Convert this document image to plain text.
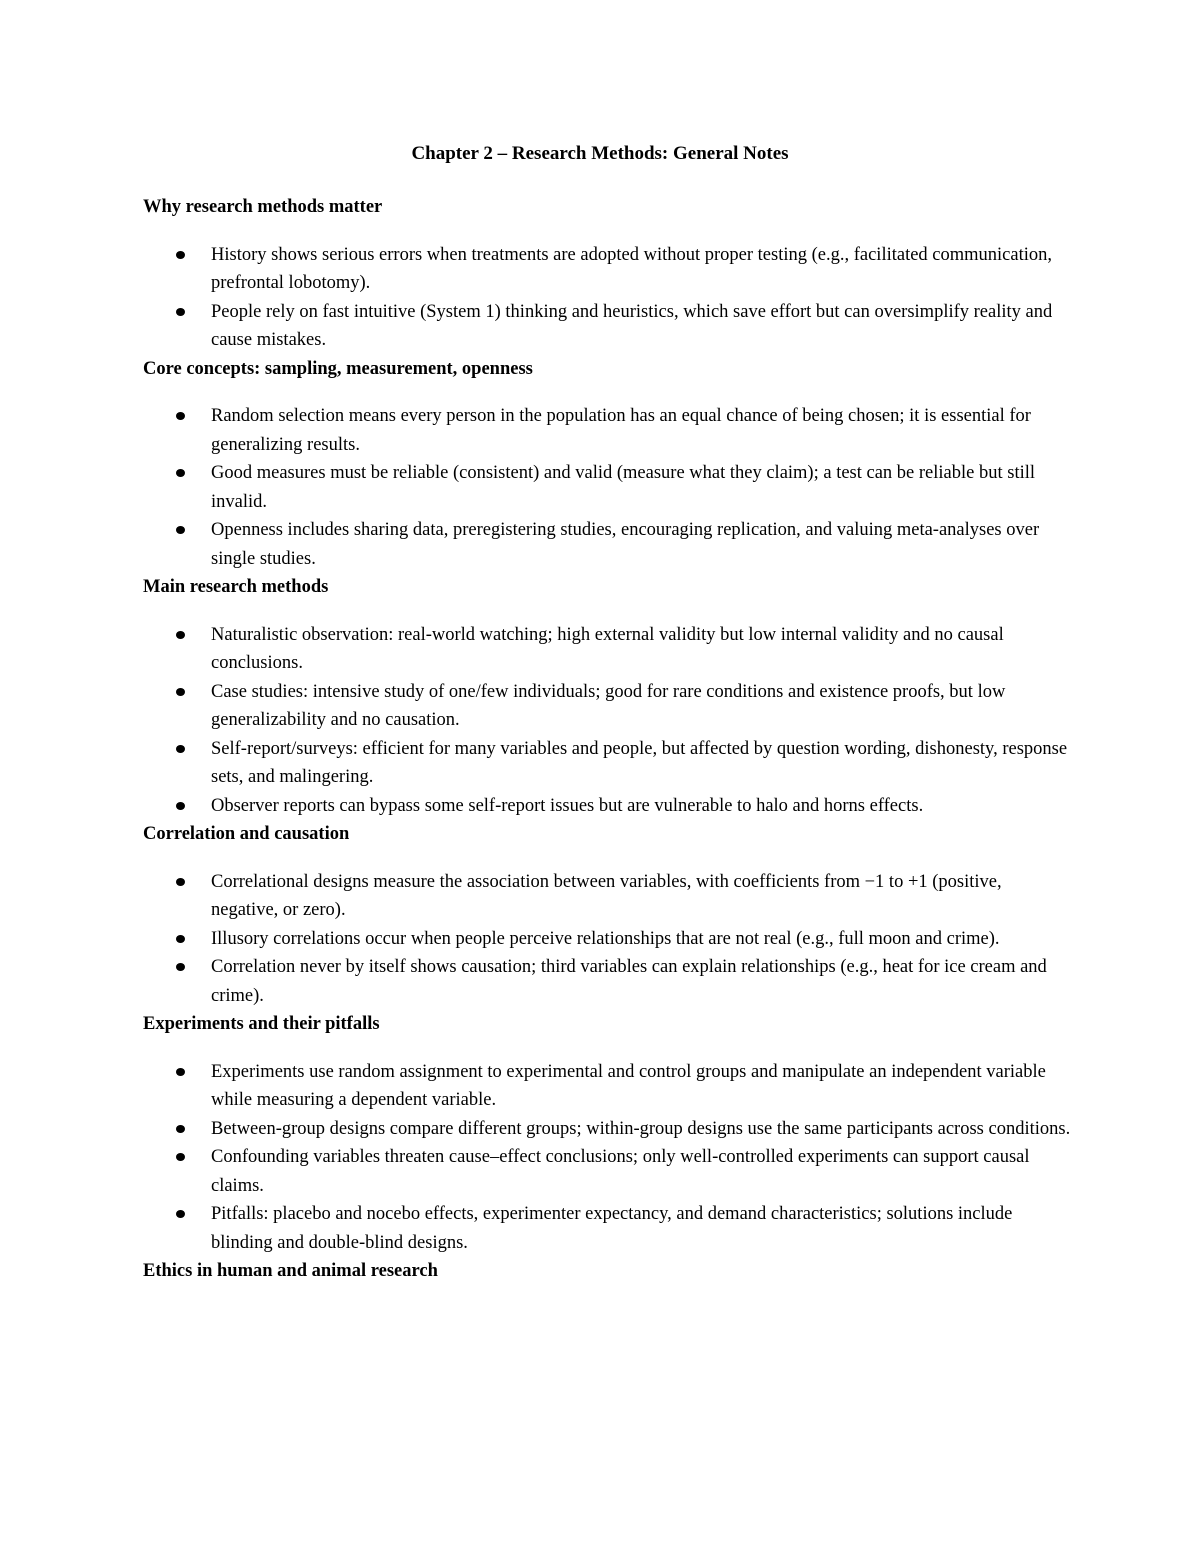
Chapter 2 – Research Methods: General Notes

Why research methods matter

History shows serious errors when treatments are adopted without proper testing (e.g., facilitated communication, prefrontal lobotomy).
People rely on fast intuitive (System 1) thinking and heuristics, which save effort but can oversimplify reality and cause mistakes.

Core concepts: sampling, measurement, openness

Random selection means every person in the population has an equal chance of being chosen; it is essential for generalizing results.
Good measures must be reliable (consistent) and valid (measure what they claim); a test can be reliable but still invalid.
Openness includes sharing data, preregistering studies, encouraging replication, and valuing meta-analyses over single studies.

Main research methods

Naturalistic observation: real-world watching; high external validity but low internal validity and no causal conclusions.
Case studies: intensive study of one/few individuals; good for rare conditions and existence proofs, but low generalizability and no causation.
Self-report/surveys: efficient for many variables and people, but affected by question wording, dishonesty, response sets, and malingering.
Observer reports can bypass some self-report issues but are vulnerable to halo and horns effects.

Correlation and causation

Correlational designs measure the association between variables, with coefficients from −1 to +1 (positive, negative, or zero).
Illusory correlations occur when people perceive relationships that are not real (e.g., full moon and crime).
Correlation never by itself shows causation; third variables can explain relationships (e.g., heat for ice cream and crime).

Experiments and their pitfalls

Experiments use random assignment to experimental and control groups and manipulate an independent variable while measuring a dependent variable.
Between-group designs compare different groups; within-group designs use the same participants across conditions.
Confounding variables threaten cause–effect conclusions; only well-controlled experiments can support causal claims.
Pitfalls: placebo and nocebo effects, experimenter expectancy, and demand characteristics; solutions include blinding and double-blind designs.

Ethics in human and animal research
